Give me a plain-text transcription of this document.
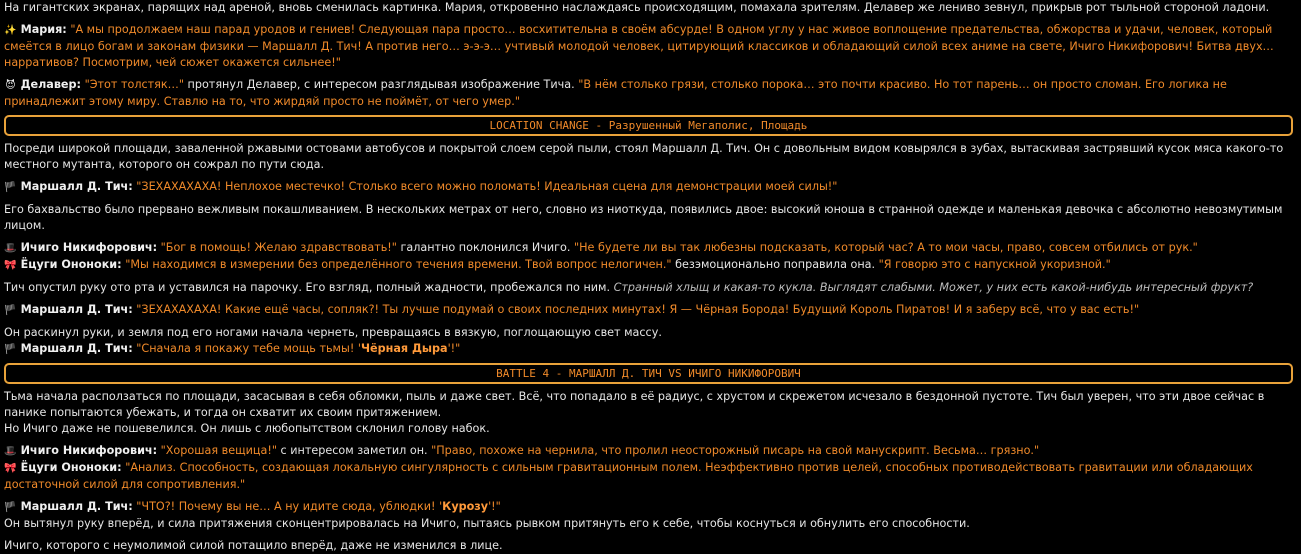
На гигантских экранах, парящих над ареной, вновь сменилась картинка. Мария, откровенно наслаждаясь происходящим, помахала зрителям. Делавер же лениво зевнул, прикрыв рот тыльной стороной ладони.

✨ Мария: "А мы продолжаем наш парад уродов и гениев! Следующая пара просто… восхитительна в своём абсурде! В одном углу у нас живое воплощение предательства, обжорства и удачи, человек, который смеётся в лицо богам и законам физики — Маршалл Д. Тич! А против него… э-э-э… учтивый молодой человек, цитирующий классиков и обладающий силой всех аниме на свете, Ичиго Никифорович! Битва двух… нарративов? Посмотрим, чей сюжет окажется сильнее!"

😈 Делавер: "Этот толстяк…" протянул Делавер, с интересом разглядывая изображение Тича. "В нём столько грязи, столько порока… это почти красиво. Но тот парень… он просто сломан. Его логика не принадлежит этому миру. Ставлю на то, что жирдяй просто не поймёт, от чего умер."

LOCATION CHANGE - Разрушенный Мегаполис, Площадь

Посреди широкой площади, заваленной ржавыми остовами автобусов и покрытой слоем серой пыли, стоял Маршалл Д. Тич. Он с довольным видом ковырялся в зубах, вытаскивая застрявший кусок мяса какого-то местного мутанта, которого он сожрал по пути сюда.

🏴 Маршалл Д. Тич: "ЗЕХАХАХАХА! Неплохое местечко! Столько всего можно поломать! Идеальная сцена для демонстрации моей силы!"

Его бахвальство было прервано вежливым покашливанием. В нескольких метрах от него, словно из ниоткуда, появились двое: высокий юноша в странной одежде и маленькая девочка с абсолютно невозмутимым лицом.

🎩 Ичиго Никифорович: "Бог в помощь! Желаю здравствовать!" галантно поклонился Ичиго. "Не будете ли вы так любезны подсказать, который час? А то мои часы, право, совсем отбились от рук."

🎀 Ёцуги Ононоки: "Мы находимся в измерении без определённого течения времени. Твой вопрос нелогичен." безэмоционально поправила она. "Я говорю это с напускной укоризной."

Тич опустил руку ото рта и уставился на парочку. Его взгляд, полный жадности, пробежался по ним. Странный хлыщ и какая-то кукла. Выглядят слабыми. Может, у них есть какой-нибудь интересный фрукт?

🏴 Маршалл Д. Тич: "ЗЕХАХАХАХА! Какие ещё часы, сопляк?! Ты лучше подумай о своих последних минутах! Я — Чёрная Борода! Будущий Король Пиратов! И я заберу всё, что у вас есть!"

Он раскинул руки, и земля под его ногами начала чернеть, превращаясь в вязкую, поглощающую свет массу.

🏴 Маршалл Д. Тич: "Сначала я покажу тебе мощь тьмы! 'Чёрная Дыра'!"

BATTLE 4 - МАРШАЛЛ Д. ТИЧ VS ИЧИГО НИКИФОРОВИЧ

Тьма начала расползаться по площади, засасывая в себя обломки, пыль и даже свет. Всё, что попадало в её радиус, с хрустом и скрежетом исчезало в бездонной пустоте. Тич был уверен, что эти двое сейчас в панике попытаются убежать, и тогда он схватит их своим притяжением.

Но Ичиго даже не пошевелился. Он лишь с любопытством склонил голову набок.

🎩 Ичиго Никифорович: "Хорошая вещица!" с интересом заметил он. "Право, похоже на чернила, что пролил неосторожный писарь на свой манускрипт. Весьма… грязно."

🎀 Ёцуги Ононоки: "Анализ. Способность, создающая локальную сингулярность с сильным гравитационным полем. Неэффективно против целей, способных противодействовать гравитации или обладающих достаточной силой для сопротивления."

🏴 Маршалл Д. Тич: "ЧТО?! Почему вы не… А ну идите сюда, ублюдки! 'Курозу'!"

Он вытянул руку вперёд, и сила притяжения сконцентрировалась на Ичиго, пытаясь рывком притянуть его к себе, чтобы коснуться и обнулить его способности.

Ичиго, которого с неумолимой силой потащило вперёд, даже не изменился в лице.
